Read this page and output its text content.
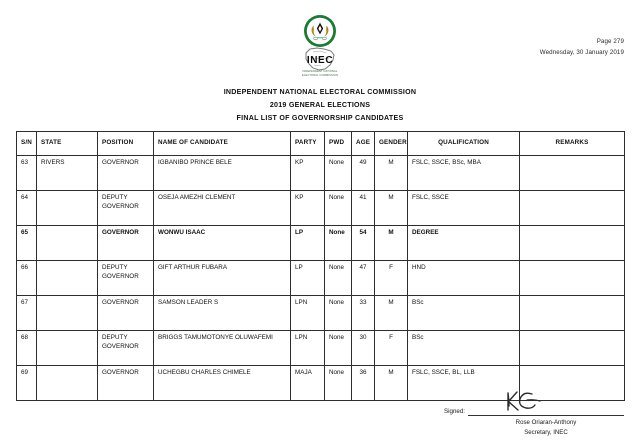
Page 279
Wednesday, 30 January 2019
INEC
INDEPENDENT NATIONAL
ELECTORAL COMMISSION
INDEPENDENT NATIONAL ELECTORAL COMMISSION
2019 GENERAL ELECTIONS
FINAL LIST OF GOVERNORSHIP CANDIDATES
S/N	STATE	POSITION	NAME OF CANDIDATE	PARTY	PWD	AGE	GENDER	QUALIFICATION	REMARKS
63	RIVERS	GOVERNOR	IGBANIBO PRINCE BELE	KP	None	49	M	FSLC, SSCE, BSc, MBA	
64		DEPUTY GOVERNOR	OSEJA AMEZHI CLEMENT	KP	None	41	M	FSLC, SSCE	
65		GOVERNOR	WONWU ISAAC	LP	None	54	M	DEGREE	
66		DEPUTY GOVERNOR	GIFT ARTHUR FUBARA	LP	None	47	F	HND	
67		GOVERNOR	SAMSON LEADER S	LPN	None	33	M	BSc	
68		DEPUTY GOVERNOR	BRIGGS TAMUMOTONYE OLUWAFEMI	LPN	None	30	F	BSc	
69		GOVERNOR	UCHEGBU CHARLES CHIMELE	MAJA	None	36	M	FSLC, SSCE, BL, LLB	
Signed:
Rose Oriaran-Anthony
Secretary, INEC
